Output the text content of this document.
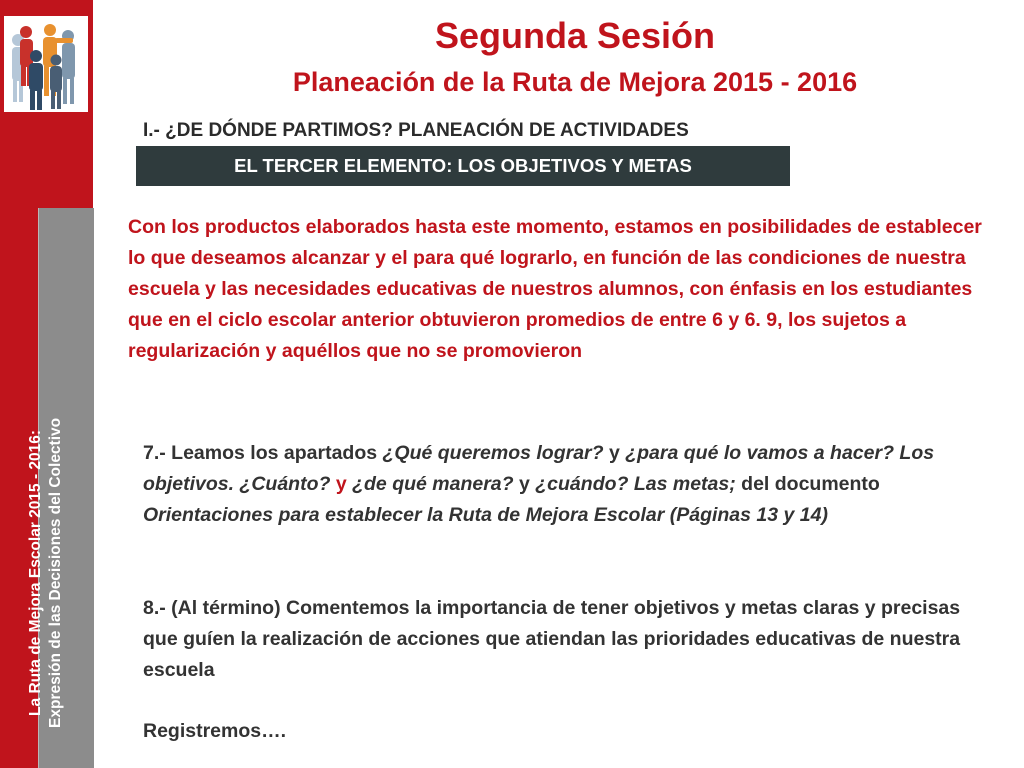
La Ruta de Mejora Escolar 2015 - 2016: Expresión de las Decisiones del Colectivo
Segunda Sesión
Planeación de la Ruta de Mejora 2015 - 2016
I.- ¿DE DÓNDE PARTIMOS? PLANEACIÓN DE ACTIVIDADES
EL TERCER ELEMENTO: LOS OBJETIVOS Y METAS
Con los productos elaborados hasta este momento, estamos en posibilidades de establecer lo que deseamos alcanzar y el para qué lograrlo, en función de las condiciones de nuestra escuela y las necesidades educativas de nuestros alumnos, con énfasis en los estudiantes que en el ciclo escolar anterior obtuvieron promedios de entre 6 y 6. 9, los sujetos a regularización y aquéllos que no se promovieron
7.- Leamos los apartados ¿Qué queremos lograr? y ¿para qué lo vamos a hacer? Los objetivos. ¿Cuánto? y ¿de qué manera? y ¿cuándo? Las metas; del documento Orientaciones para establecer la Ruta de Mejora Escolar (Páginas 13 y 14)
8.- (Al término) Comentemos la importancia de tener objetivos y metas claras y precisas que guíen la realización de acciones que atiendan las prioridades educativas de nuestra escuela
Registremos….
